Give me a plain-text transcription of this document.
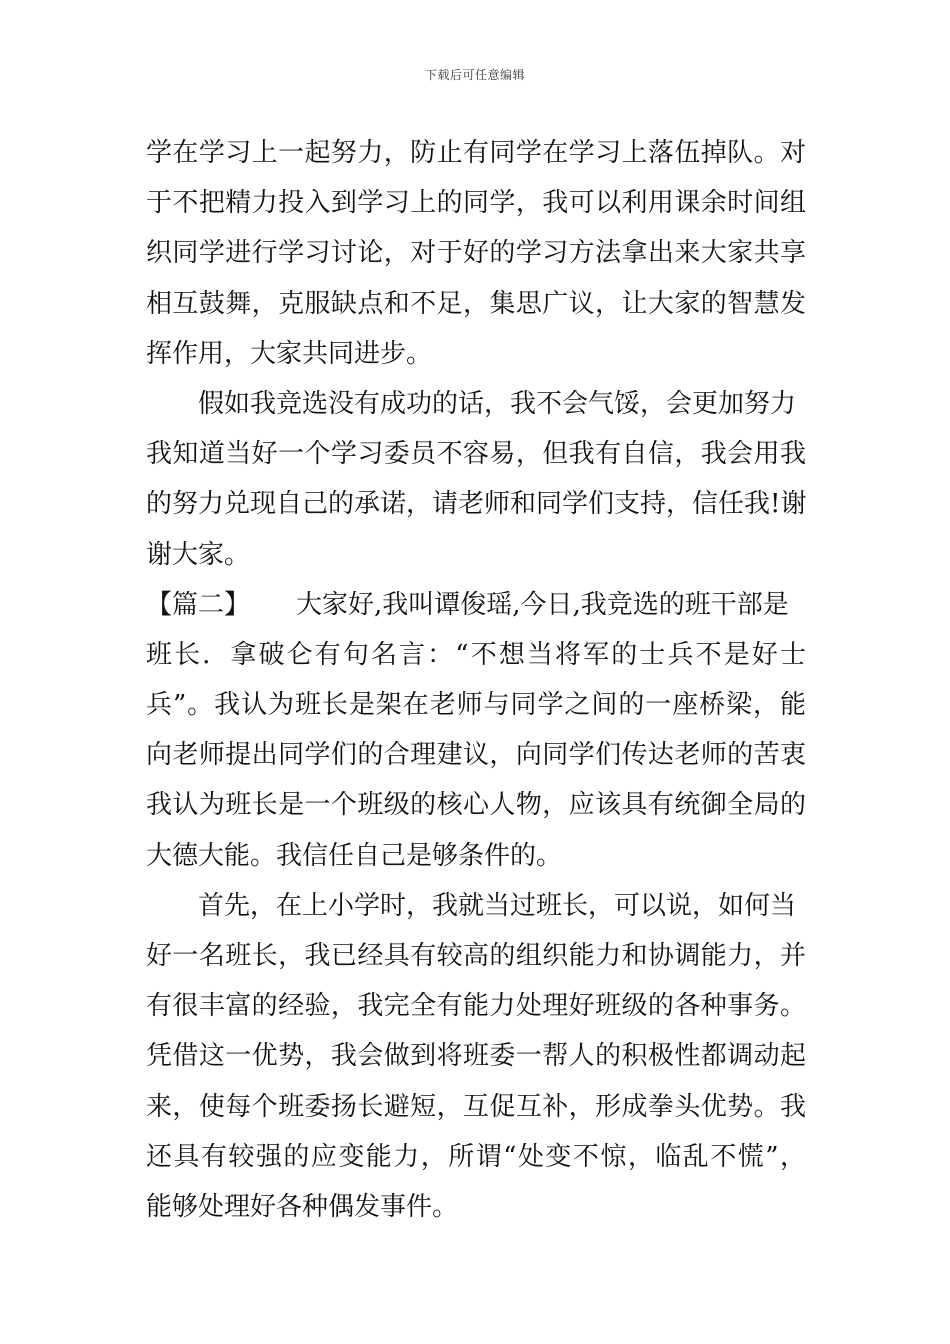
下载后可任意编辑
学在学习上一起努力，防止有同学在学习上落伍掉队。对
于不把精力投入到学习上的同学，我可以利用课余时间组
织同学进行学习讨论，对于好的学习方法拿出来大家共享
相互鼓舞，克服缺点和不足，集思广议，让大家的智慧发
挥作用，大家共同进步。
假如我竞选没有成功的话，我不会气馁，会更加努力
我知道当好一个学习委员不容易，但我有自信，我会用我
的努力兑现自己的承诺，请老师和同学们支持，信任我!谢
谢大家。
【篇二】 大家好,我叫谭俊瑶,今日,我竞选的班干部是
班长．拿破仑有句名言：“不想当将军的士兵不是好士
兵”。我认为班长是架在老师与同学之间的一座桥梁，能
向老师提出同学们的合理建议，向同学们传达老师的苦衷
我认为班长是一个班级的核心人物，应该具有统御全局的
大德大能。我信任自己是够条件的。
首先，在上小学时，我就当过班长，可以说，如何当
好一名班长，我已经具有较高的组织能力和协调能力，并
有很丰富的经验，我完全有能力处理好班级的各种事务。
凭借这一优势，我会做到将班委一帮人的积极性都调动起
来，使每个班委扬长避短，互促互补，形成拳头优势。我
还具有较强的应变能力，所谓“处变不惊，临乱不慌”，
能够处理好各种偶发事件。
